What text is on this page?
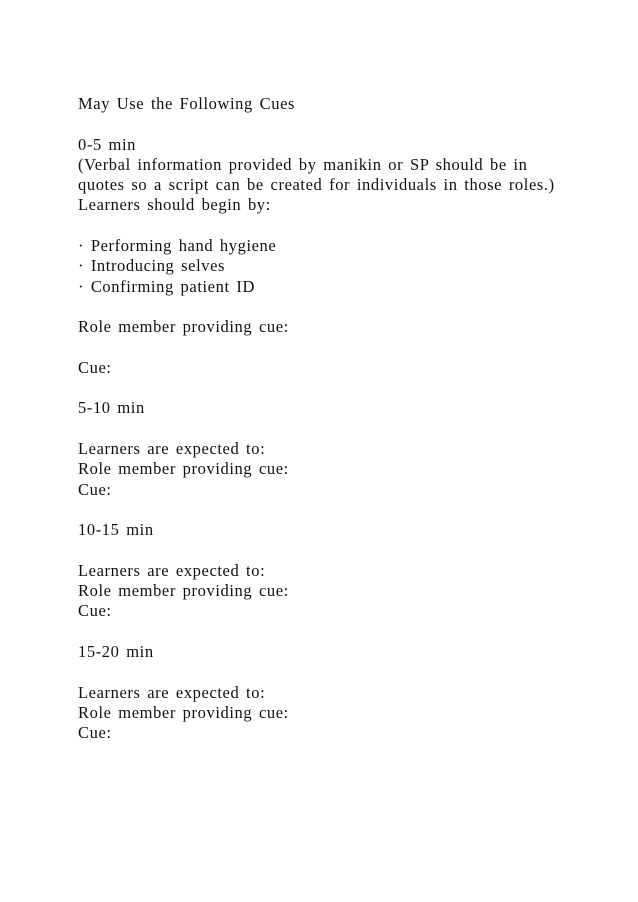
May Use the Following Cues
0-5 min
(Verbal information provided by manikin or SP should be in
quotes so a script can be created for individuals in those roles.)
Learners should begin by:
· Performing hand hygiene
· Introducing selves
· Confirming patient ID
Role member providing cue:
Cue:
5-10 min
Learners are expected to:
Role member providing cue:
Cue:
10-15 min
Learners are expected to:
Role member providing cue:
Cue:
15-20 min
Learners are expected to:
Role member providing cue:
Cue:
